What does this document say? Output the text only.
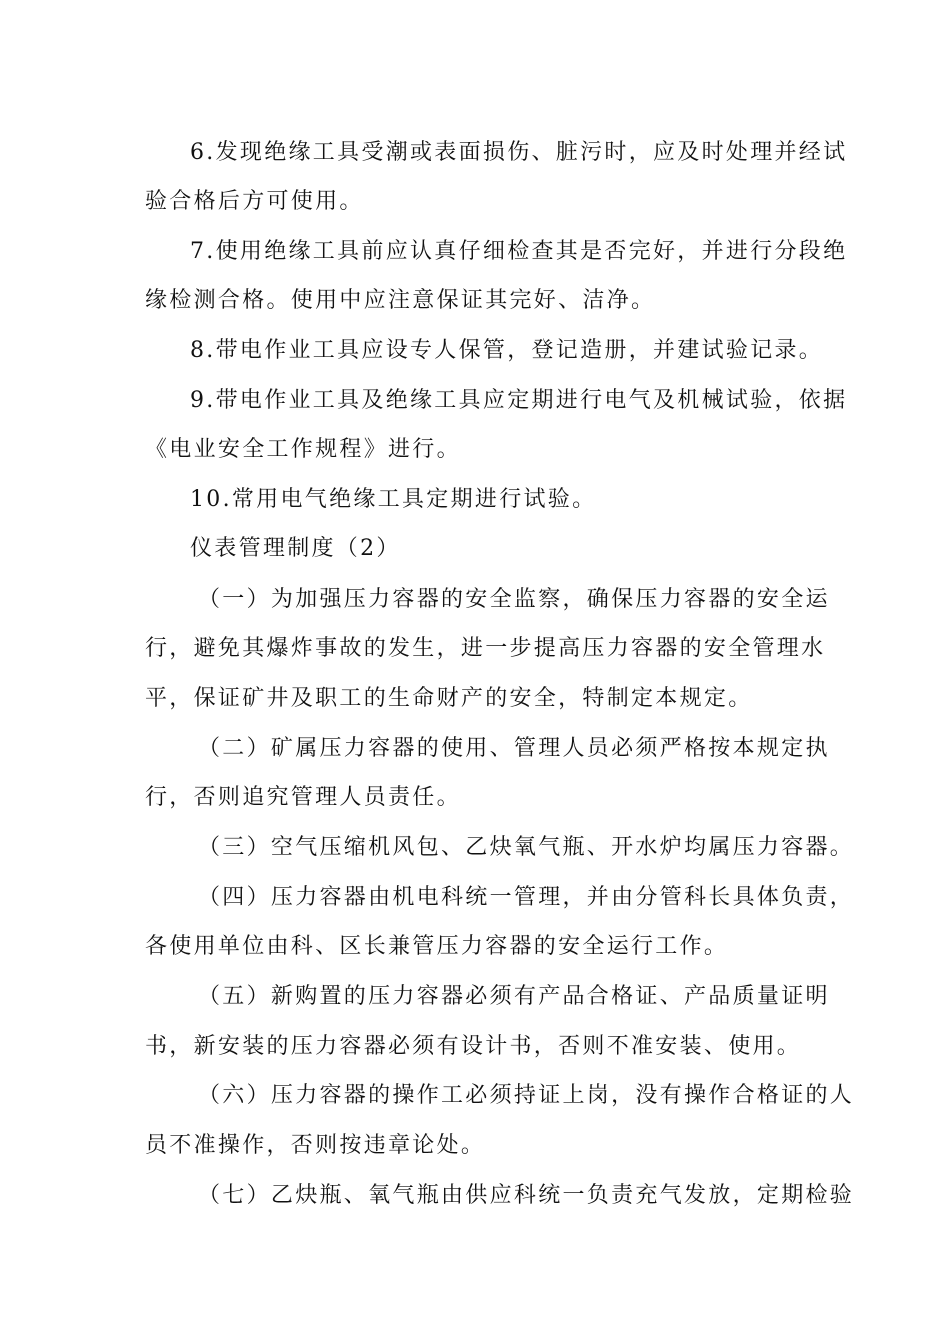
6.发现绝缘工具受潮或表面损伤、脏污时，应及时处理并经试
验合格后方可使用。
7.使用绝缘工具前应认真仔细检查其是否完好，并进行分段绝
缘检测合格。使用中应注意保证其完好、洁净。
8.带电作业工具应设专人保管，登记造册，并建试验记录。
9.带电作业工具及绝缘工具应定期进行电气及机械试验，依据
《电业安全工作规程》进行。
10.常用电气绝缘工具定期进行试验。
仪表管理制度（2）
（一）为加强压力容器的安全监察，确保压力容器的安全运
行，避免其爆炸事故的发生，进一步提高压力容器的安全管理水
平，保证矿井及职工的生命财产的安全，特制定本规定。
（二）矿属压力容器的使用、管理人员必须严格按本规定执
行，否则追究管理人员责任。
（三）空气压缩机风包、乙炔氧气瓶、开水炉均属压力容器。
（四）压力容器由机电科统一管理，并由分管科长具体负责，
各使用单位由科、区长兼管压力容器的安全运行工作。
（五）新购置的压力容器必须有产品合格证、产品质量证明
书，新安装的压力容器必须有设计书，否则不准安装、使用。
（六）压力容器的操作工必须持证上岗，没有操作合格证的人
员不准操作，否则按违章论处。
（七）乙炔瓶、氧气瓶由供应科统一负责充气发放，定期检验
